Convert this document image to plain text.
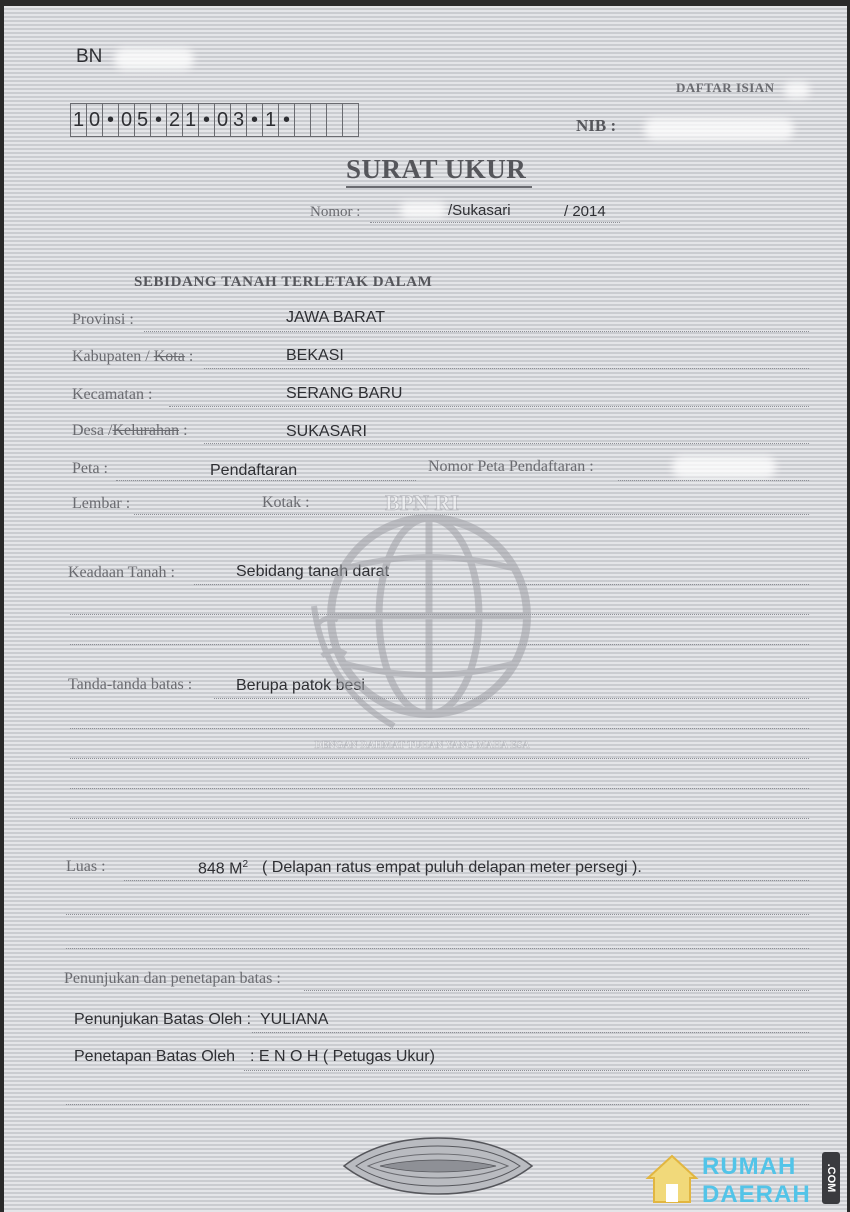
BN
1 0 • 0 5 • 2 1 • 0 3 • 1 •
DAFTAR ISIAN
NIB :
SURAT UKUR
Nomor :	/Sukasari	/ 2014
SEBIDANG TANAH TERLETAK DALAM
Provinsi :	JAWA BARAT
Kabupaten / Kota :	BEKASI
Kecamatan :	SERANG BARU
Desa /Kelurahan :	SUKASARI
Peta :	Pendaftaran	Nomor Peta Pendaftaran :
Lembar :	Kotak :
Keadaan Tanah :	Sebidang tanah darat
Tanda-tanda batas :	Berupa patok besi
BPN RI
DENGAN RAHMAT TUHAN YANG MAHA ESA
Luas :	848 $M^2$ ( Delapan ratus empat puluh delapan meter persegi ).
Penunjukan dan penetapan batas :
Penunjukan Batas Oleh : YULIANA
Penetapan Batas Oleh : E N O H ( Petugas Ukur)
RUMAH
DAERAH
.COM
